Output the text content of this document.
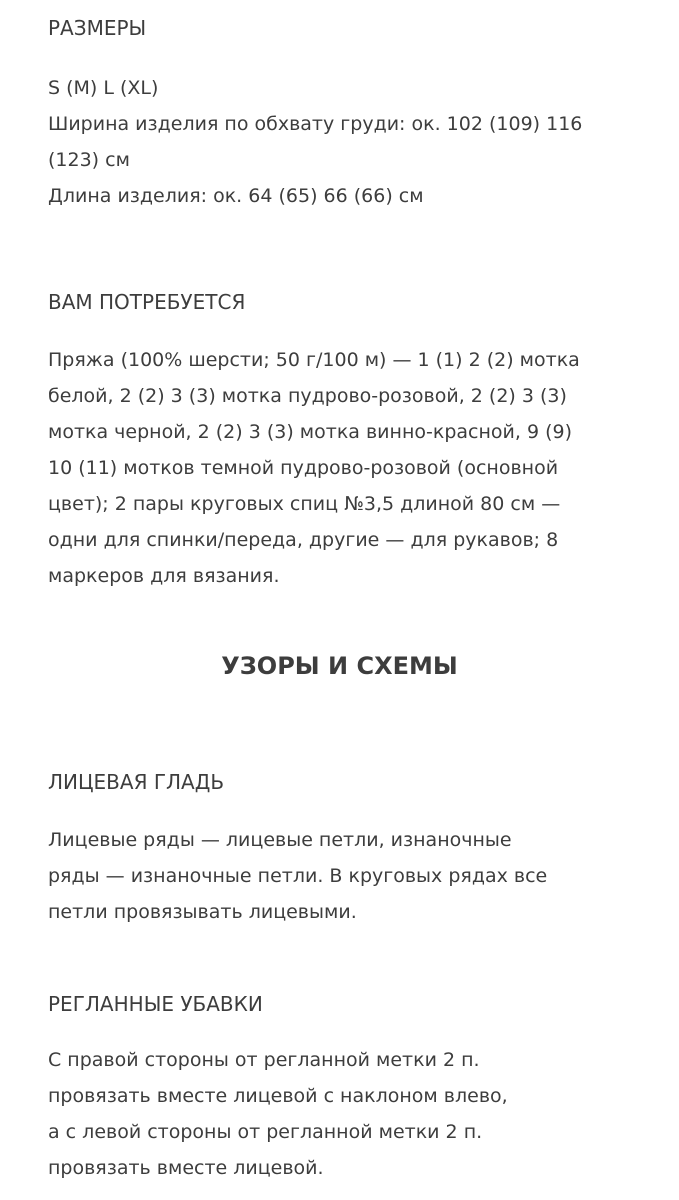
РАЗМЕРЫ

S (M) L (XL)
Ширина изделия по обхвату груди: ок. 102 (109) 116
(123) см
Длина изделия: ок. 64 (65) 66 (66) см

ВАМ ПОТРЕБУЕТСЯ

Пряжа (100% шерсти; 50 г/100 м) — 1 (1) 2 (2) мотка
белой, 2 (2) 3 (3) мотка пудрово-розовой, 2 (2) 3 (3)
мотка черной, 2 (2) 3 (3) мотка винно-красной, 9 (9)
10 (11) мотков темной пудрово-розовой (основной
цвет); 2 пары круговых спиц №3,5 длиной 80 см —
одни для спинки/переда, другие — для рукавов; 8
маркеров для вязания.

УЗОРЫ И СХЕМЫ
ЛИЦЕВАЯ ГЛАДЬ

Лицевые ряды — лицевые петли, изнаночные
ряды — изнаночные петли. В круговых рядах все
петли провязывать лицевыми.

РЕГЛАННЫЕ УБАВКИ

С правой стороны от регланной метки 2 п.
провязать вместе лицевой с наклоном влево,
а с левой стороны от регланной метки 2 п.
провязать вместе лицевой.
